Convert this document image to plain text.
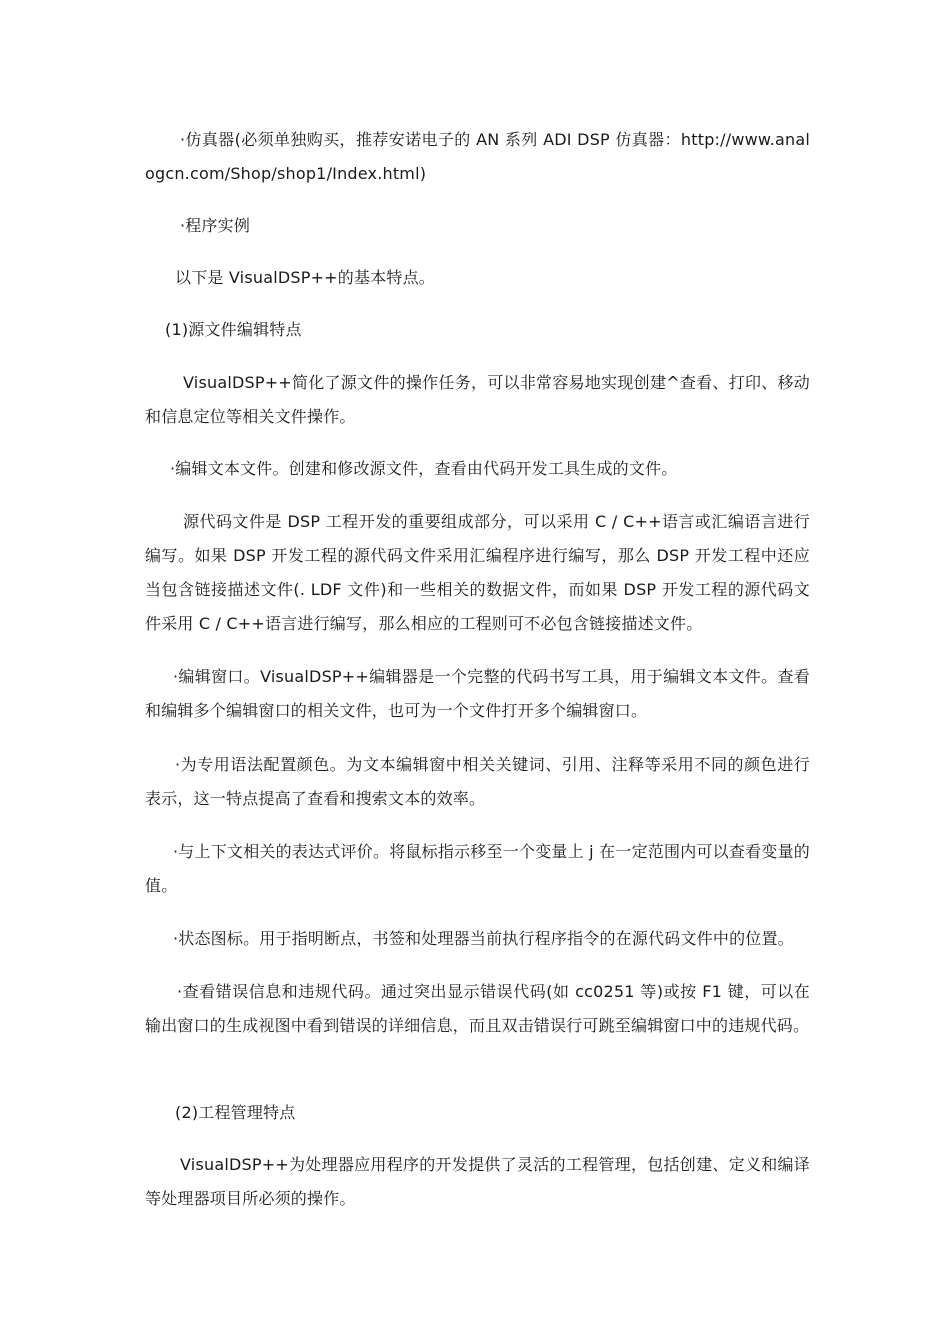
·仿真器(必须单独购买，推荐安诺电子的 AN 系列 ADI DSP 仿真器：http://www.analogcn.com/Shop/shop1/Index.html)

·程序实例

以下是 VisualDSP++的基本特点。

(1)源文件编辑特点

VisualDSP++简化了源文件的操作任务，可以非常容易地实现创建^查看、打印、移动和信息定位等相关文件操作。

·编辑文本文件。创建和修改源文件，查看由代码开发工具生成的文件。

源代码文件是 DSP 工程开发的重要组成部分，可以采用 C / C++语言或汇编语言进行编写。如果 DSP 开发工程的源代码文件采用汇编程序进行编写，那么 DSP 开发工程中还应当包含链接描述文件(. LDF 文件)和一些相关的数据文件，而如果 DSP 开发工程的源代码文件采用 C / C++语言进行编写，那么相应的工程则可不必包含链接描述文件。

·编辑窗口。VisualDSP++编辑器是一个完整的代码书写工具，用于编辑文本文件。查看和编辑多个编辑窗口的相关文件，也可为一个文件打开多个编辑窗口。

·为专用语法配置颜色。为文本编辑窗中相关关键词、引用、注释等采用不同的颜色进行表示，这一特点提高了查看和搜索文本的效率。

·与上下文相关的表达式评价。将鼠标指示移至一个变量上 j 在一定范围内可以查看变量的值。

·状态图标。用于指明断点，书签和处理器当前执行程序指令的在源代码文件中的位置。

·查看错误信息和违规代码。通过突出显示错误代码(如 cc0251 等)或按 F1 键，可以在输出窗口的生成视图中看到错误的详细信息，而且双击错误行可跳至编辑窗口中的违规代码。

(2)工程管理特点

VisualDSP++为处理器应用程序的开发提供了灵活的工程管理，包括创建、定义和编译等处理器项目所必须的操作。
